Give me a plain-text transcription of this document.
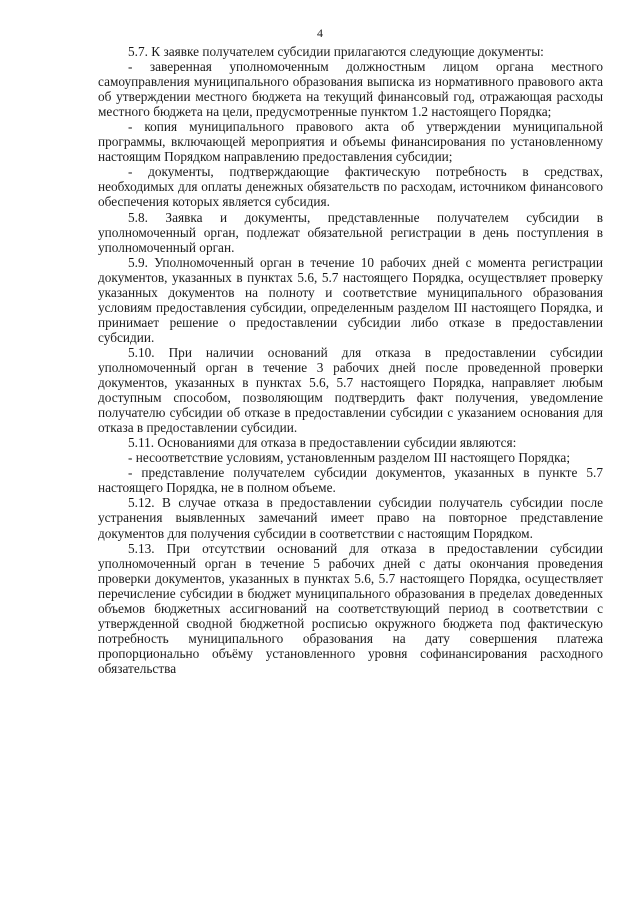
4

5.7. К заявке получателем субсидии прилагаются следующие документы:

- заверенная уполномоченным должностным лицом органа местного самоуправления муниципального образования выписка из нормативного правового акта об утверждении местного бюджета на текущий финансовый год, отражающая расходы местного бюджета на цели, предусмотренные пунктом 1.2 настоящего Порядка;

- копия муниципального правового акта об утверждении муниципальной программы, включающей мероприятия и объемы финансирования по установленному настоящим Порядком направлению предоставления субсидии;

- документы, подтверждающие фактическую потребность в средствах, необходимых для оплаты денежных обязательств по расходам, источником финансового обеспечения которых является субсидия.

5.8. Заявка и документы, представленные получателем субсидии в уполномоченный орган, подлежат обязательной регистрации в день поступления в уполномоченный орган.

5.9. Уполномоченный орган в течение 10 рабочих дней с момента регистрации документов, указанных в пунктах 5.6, 5.7 настоящего Порядка, осуществляет проверку указанных документов на полноту и соответствие муниципального образования условиям предоставления субсидии, определенным разделом III настоящего Порядка, и принимает решение о предоставлении субсидии либо отказе в предоставлении субсидии.

5.10. При наличии оснований для отказа в предоставлении субсидии уполномоченный орган в течение 3 рабочих дней после проведенной проверки документов, указанных в пунктах 5.6, 5.7 настоящего Порядка, направляет любым доступным способом, позволяющим подтвердить факт получения, уведомление получателю субсидии об отказе в предоставлении субсидии с указанием основания для отказа в предоставлении субсидии.

5.11. Основаниями для отказа в предоставлении субсидии являются:

- несоответствие условиям, установленным разделом III настоящего Порядка;

- представление получателем субсидии документов, указанных в пункте 5.7 настоящего Порядка, не в полном объеме.

5.12. В случае отказа в предоставлении субсидии получатель субсидии после устранения выявленных замечаний имеет право на повторное представление документов для получения субсидии в соответствии с настоящим Порядком.

5.13. При отсутствии оснований для отказа в предоставлении субсидии уполномоченный орган в течение 5 рабочих дней с даты окончания проведения проверки документов, указанных в пунктах 5.6, 5.7 настоящего Порядка, осуществляет перечисление субсидии в бюджет муниципального образования в пределах доведенных объемов бюджетных ассигнований на соответствующий период в соответствии с утвержденной сводной бюджетной росписью окружного бюджета под фактическую потребность муниципального образования на дату совершения платежа пропорционально объёму установленного уровня софинансирования расходного обязательства
